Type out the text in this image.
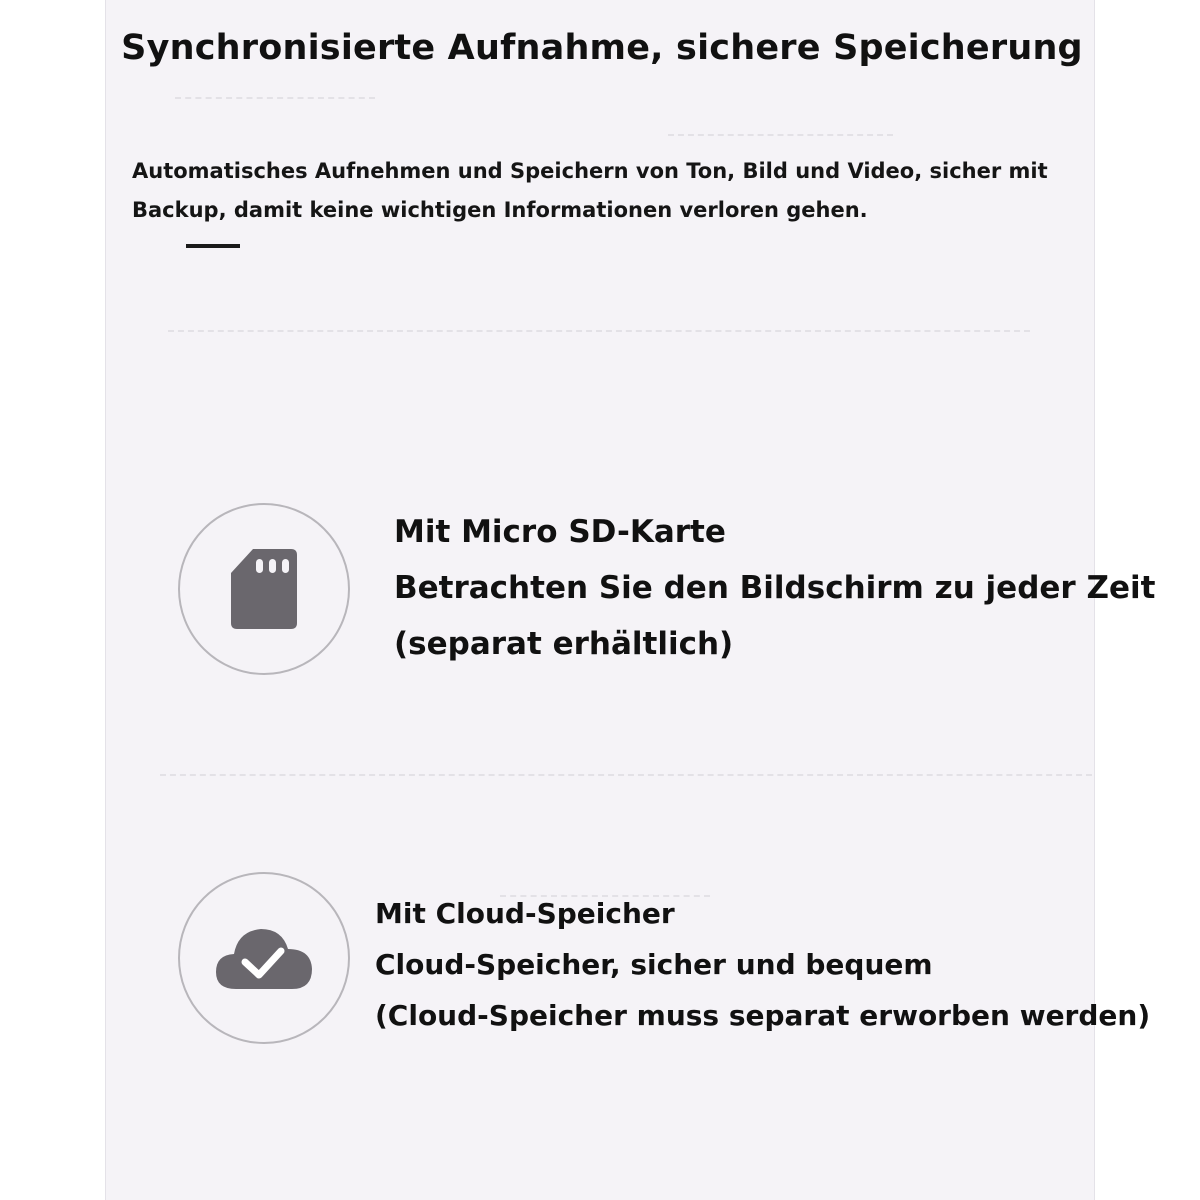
Synchronisierte Aufnahme, sichere Speicherung

Automatisches Aufnehmen und Speichern von Ton, Bild und Video, sicher mit Backup, damit keine wichtigen Informationen verloren gehen.

Mit Micro SD-Karte
Betrachten Sie den Bildschirm zu jeder Zeit
(separat erhältlich)
Mit Cloud-Speicher
Cloud-Speicher, sicher und bequem
(Cloud-Speicher muss separat erworben werden)
